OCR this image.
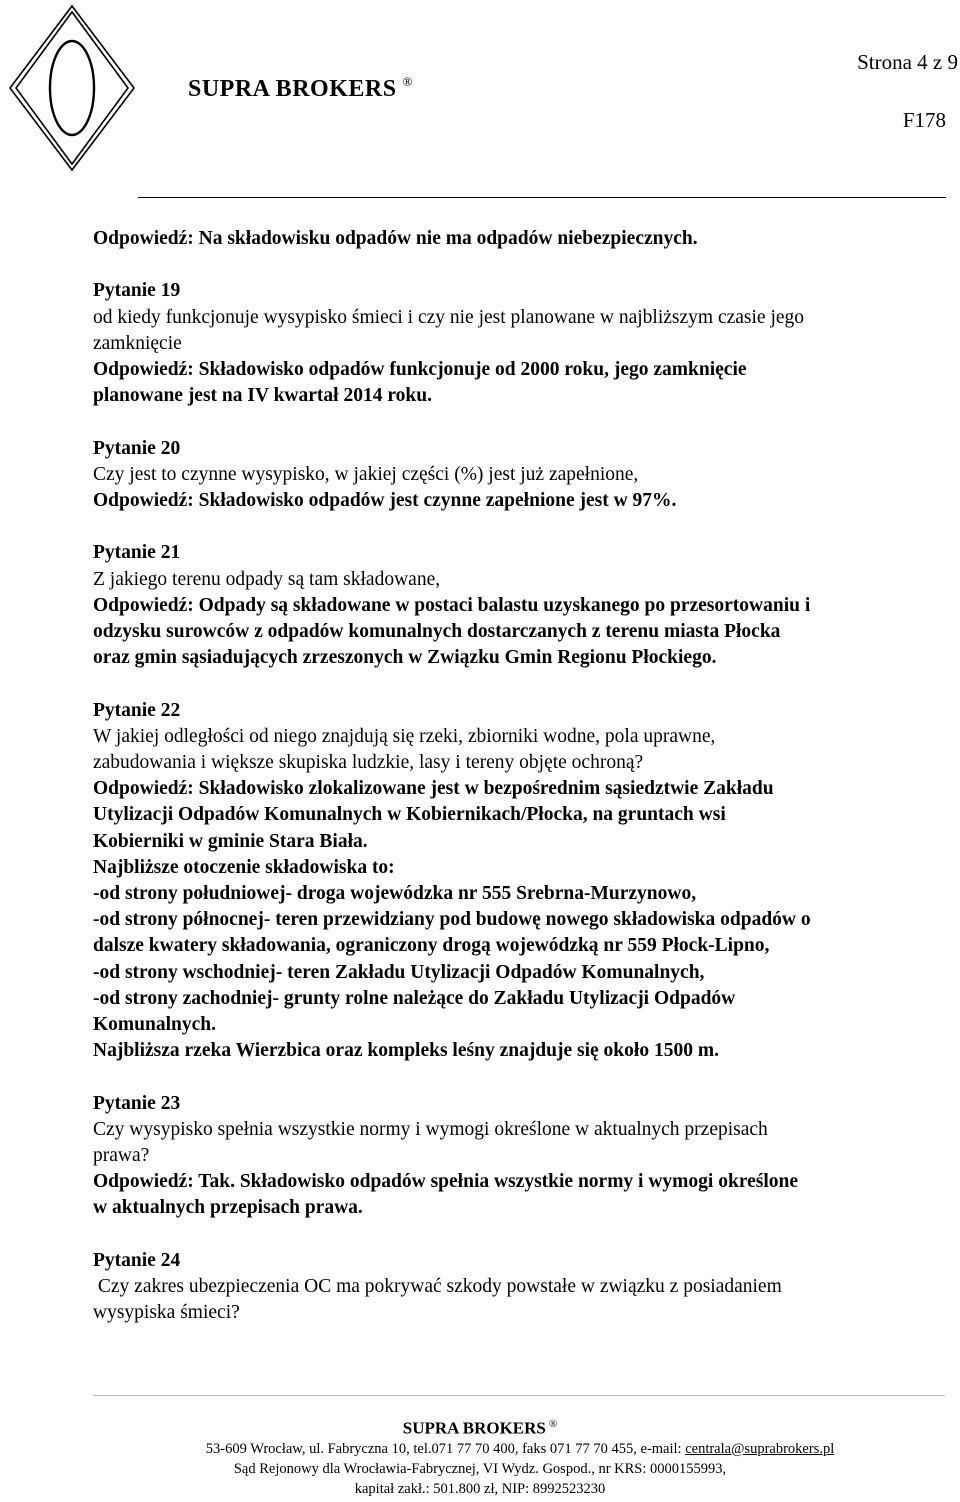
SUPRA BROKERS ®
Strona 4 z 9
F178

Odpowiedź: Na składowisku odpadów nie ma odpadów niebezpiecznych.

Pytanie 19

od kiedy funkcjonuje wysypisko śmieci i czy nie jest planowane w najbliższym czasie jego

zamknięcie

Odpowiedź: Składowisko odpadów funkcjonuje od 2000 roku, jego zamknięcie

planowane jest na IV kwartał 2014 roku.

Pytanie 20

Czy jest to czynne wysypisko, w jakiej części (%) jest już zapełnione,

Odpowiedź: Składowisko odpadów jest czynne zapełnione jest w 97%.

Pytanie 21

Z jakiego terenu odpady są tam składowane,

Odpowiedź: Odpady są składowane w postaci balastu uzyskanego po przesortowaniu i

odzysku surowców z odpadów komunalnych dostarczanych z terenu miasta Płocka

oraz gmin sąsiadujących zrzeszonych w Związku Gmin Regionu Płockiego.

Pytanie 22

W jakiej odległości od niego znajdują się rzeki, zbiorniki wodne, pola uprawne,

zabudowania i większe skupiska ludzkie, lasy i tereny objęte ochroną?

Odpowiedź: Składowisko zlokalizowane jest w bezpośrednim sąsiedztwie Zakładu

Utylizacji Odpadów Komunalnych w Kobiernikach/Płocka, na gruntach wsi

Kobierniki w gminie Stara Biała.

Najbliższe otoczenie składowiska to:

-od strony południowej- droga wojewódzka nr 555 Srebrna-Murzynowo,

-od strony północnej- teren przewidziany pod budowę nowego składowiska odpadów o

dalsze kwatery składowania, ograniczony drogą wojewódzką nr 559 Płock-Lipno,

-od strony wschodniej- teren Zakładu Utylizacji Odpadów Komunalnych,

-od strony zachodniej- grunty rolne należące do Zakładu Utylizacji Odpadów

Komunalnych.

Najbliższa rzeka Wierzbica oraz kompleks leśny znajduje się około 1500 m.

Pytanie 23

Czy wysypisko spełnia wszystkie normy i wymogi określone w aktualnych przepisach

prawa?

Odpowiedź: Tak. Składowisko odpadów spełnia wszystkie normy i wymogi określone

w aktualnych przepisach prawa.

Pytanie 24

Czy zakres ubezpieczenia OC ma pokrywać szkody powstałe w związku z posiadaniem

wysypiska śmieci?

SUPRA BROKERS ®
53-609 Wrocław, ul. Fabryczna 10, tel.071 77 70 400, faks 071 77 70 455, e-mail: centrala@suprabrokers.pl
Sąd Rejonowy dla Wrocławia-Fabrycznej, VI Wydz. Gospod., nr KRS: 0000155993,
kapitał zakł.: 501.800 zł, NIP: 8992523230
